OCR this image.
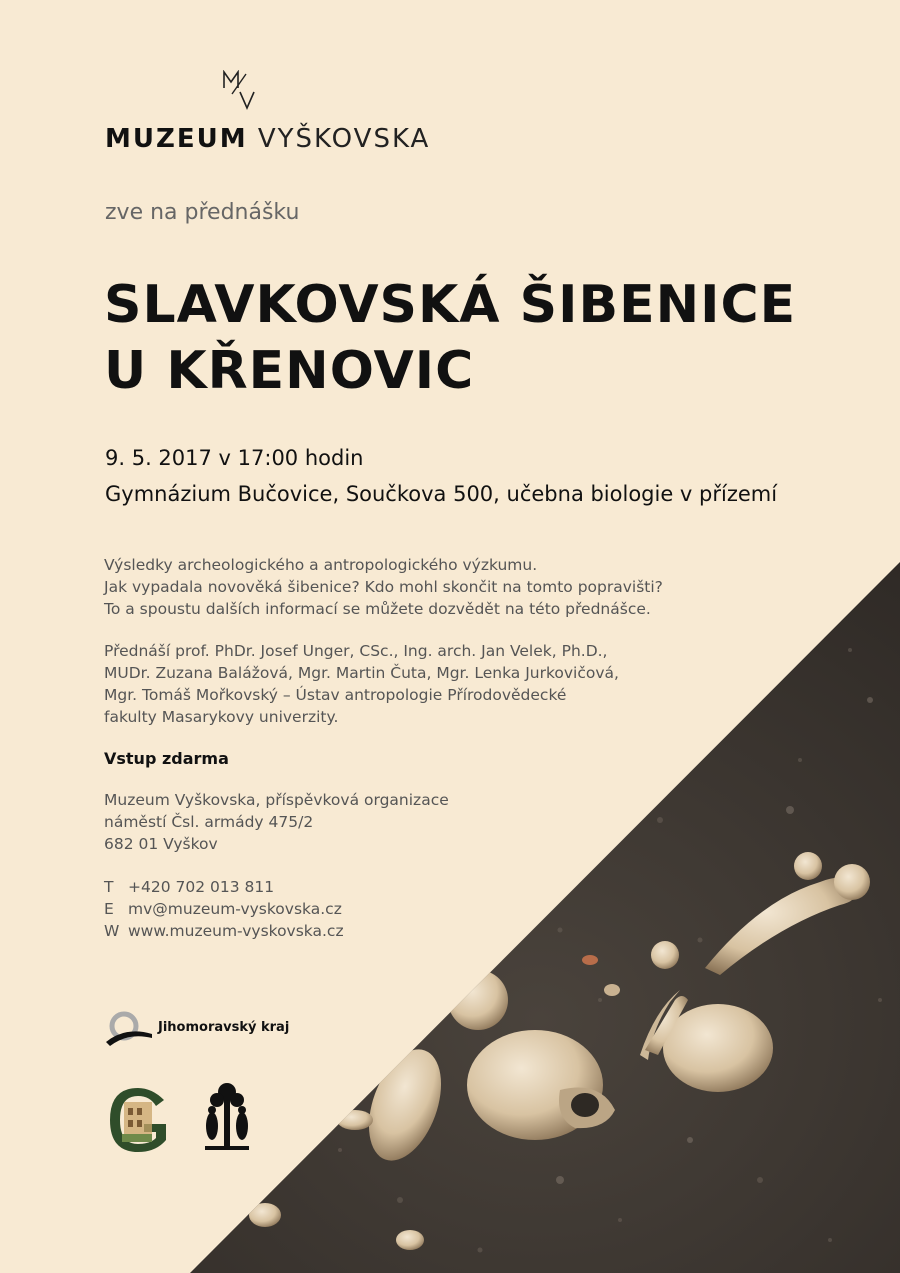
MUZEUM VYŠKOVSKA
zve na přednášku
SLAVKOVSKÁ ŠIBENICE
U KŘENOVIC
9. 5. 2017 v 17:00 hodin
Gymnázium Bučovice, Součkova 500, učebna biologie v přízemí
Výsledky archeologického a antropologického výzkumu.
Jak vypadala novověká šibenice? Kdo mohl skončit na tomto popravišti?
To a spoustu dalších informací se můžete dozvědět na této přednášce.
Přednáší prof. PhDr. Josef Unger, CSc., Ing. arch. Jan Velek, Ph.D.,
MUDr. Zuzana Balážová, Mgr. Martin Čuta, Mgr. Lenka Jurkovičová,
Mgr. Tomáš Mořkovský – Ústav antropologie Přírodovědecké
fakulty Masarykovy univerzity.
Vstup zdarma
Muzeum Vyškovska, příspěvková organizace
náměstí Čsl. armády 475/2
682 01 Vyškov
T +420 702 013 811
E mv@muzeum-vyskovska.cz
W www.muzeum-vyskovska.cz
Jihomoravský kraj
